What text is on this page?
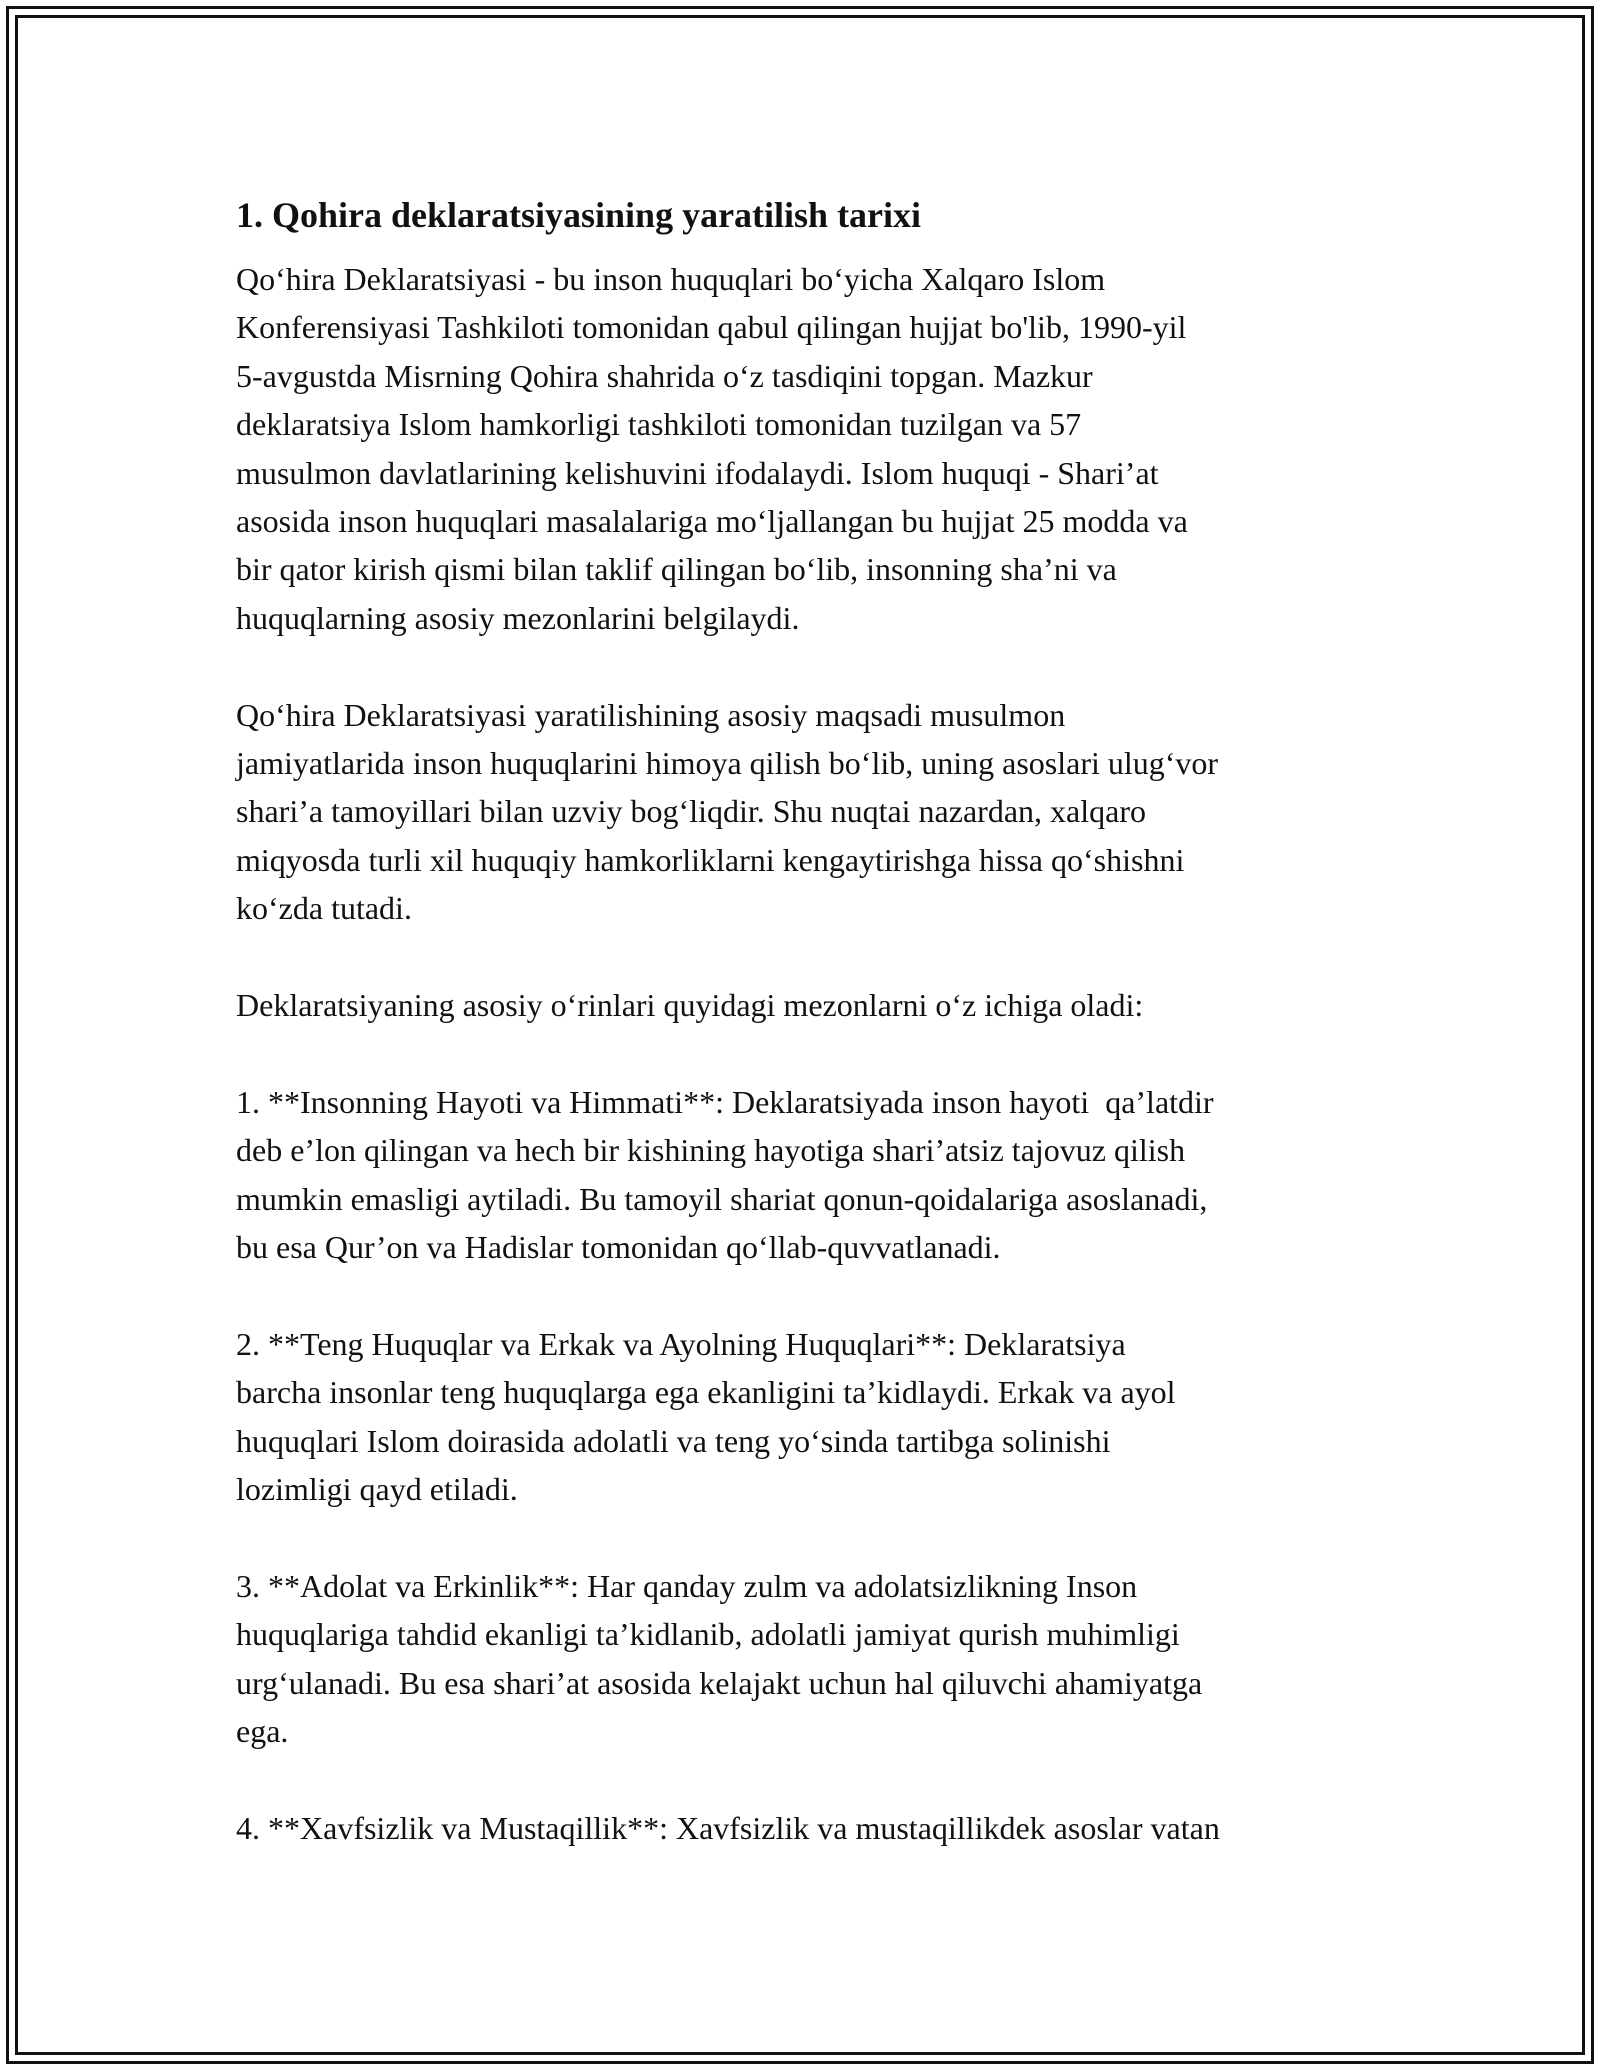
1. Qohira deklaratsiyasining yaratilish tarixi
Qo‘hira Deklaratsiyasi - bu inson huquqlari bo‘yicha Xalqaro Islom
Konferensiyasi Tashkiloti tomonidan qabul qilingan hujjat bo'lib, 1990-yil
5-avgustda Misrning Qohira shahrida o‘z tasdiqini topgan. Mazkur
deklaratsiya Islom hamkorligi tashkiloti tomonidan tuzilgan va 57
musulmon davlatlarining kelishuvini ifodalaydi. Islom huquqi - Shari’at
asosida inson huquqlari masalalariga mo‘ljallangan bu hujjat 25 modda va
bir qator kirish qismi bilan taklif qilingan bo‘lib, insonning sha’ni va
huquqlarning asosiy mezonlarini belgilaydi.
Qo‘hira Deklaratsiyasi yaratilishining asosiy maqsadi musulmon
jamiyatlarida inson huquqlarini himoya qilish bo‘lib, uning asoslari ulug‘vor
shari’a tamoyillari bilan uzviy bog‘liqdir. Shu nuqtai nazardan, xalqaro
miqyosda turli xil huquqiy hamkorliklarni kengaytirishga hissa qo‘shishni
ko‘zda tutadi.
Deklaratsiyaning asosiy o‘rinlari quyidagi mezonlarni o‘z ichiga oladi:
1. **Insonning Hayoti va Himmati**: Deklaratsiyada inson hayoti  qa’latdir
deb e’lon qilingan va hech bir kishining hayotiga shari’atsiz tajovuz qilish
mumkin emasligi aytiladi. Bu tamoyil shariat qonun-qoidalariga asoslanadi,
bu esa Qur’on va Hadislar tomonidan qo‘llab-quvvatlanadi.
2. **Teng Huquqlar va Erkak va Ayolning Huquqlari**: Deklaratsiya
barcha insonlar teng huquqlarga ega ekanligini ta’kidlaydi. Erkak va ayol
huquqlari Islom doirasida adolatli va teng yo‘sinda tartibga solinishi
lozimligi qayd etiladi.
3. **Adolat va Erkinlik**: Har qanday zulm va adolatsizlikning Inson
huquqlariga tahdid ekanligi ta’kidlanib, adolatli jamiyat qurish muhimligi
urg‘ulanadi. Bu esa shari’at asosida kelajakt uchun hal qiluvchi ahamiyatga
ega.
4. **Xavfsizlik va Mustaqillik**: Xavfsizlik va mustaqillikdek asoslar vatan
